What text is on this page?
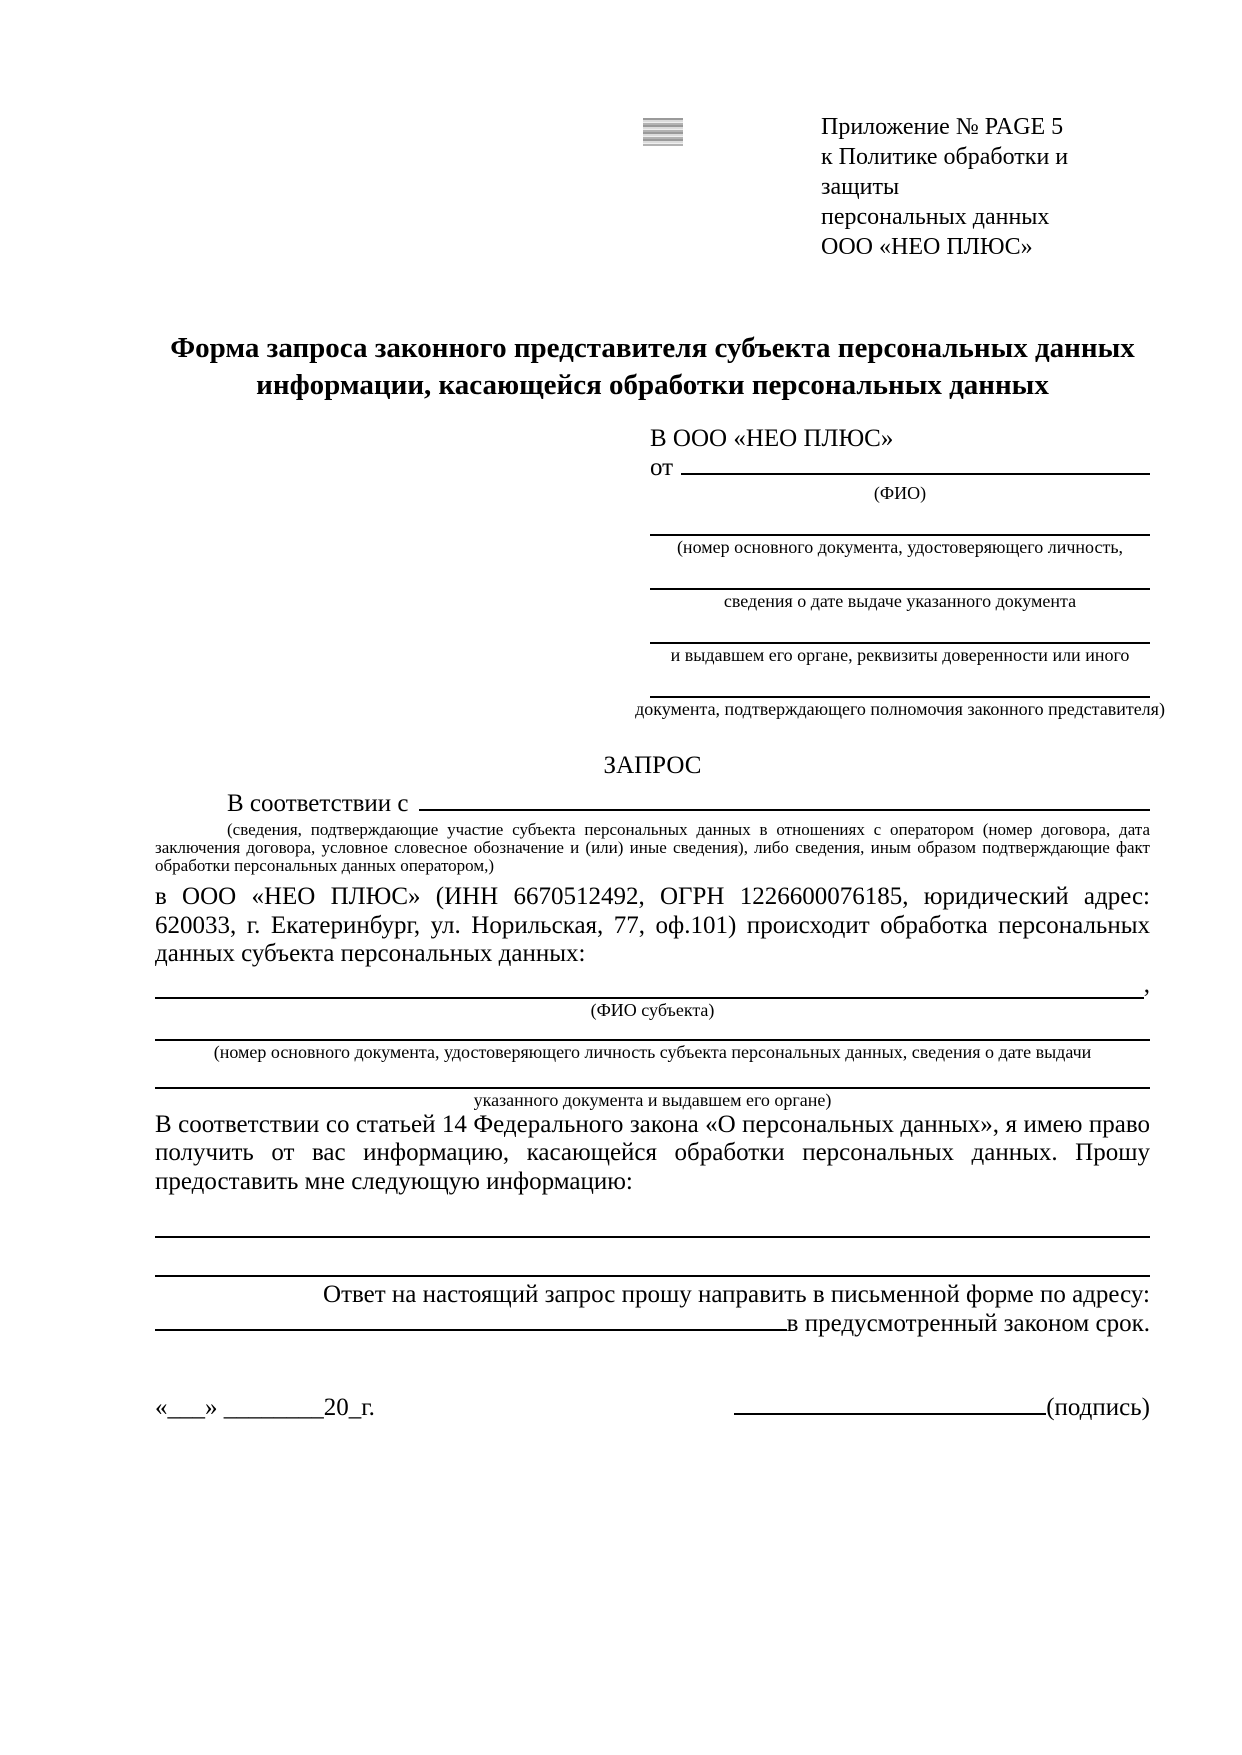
Приложение № PAGE 5
к Политике обработки и защиты
персональных данных
ООО «НЕО ПЛЮС»
Форма запроса законного представителя субъекта персональных данных информации, касающейся обработки персональных данных
В ООО «НЕО ПЛЮС»
от
(ФИО)
(номер основного документа, удостоверяющего личность,
сведения о дате выдаче указанного документа
и выдавшем его органе, реквизиты доверенности или иного
документа, подтверждающего полномочия законного представителя)
ЗАПРОС
В соответствии с

(сведения, подтверждающие участие субъекта персональных данных в отношениях с оператором (номер договора, дата заключения договора, условное словесное обозначение и (или) иные сведения), либо сведения, иным образом подтверждающие факт обработки персональных данных оператором,)

в ООО «НЕО ПЛЮС» (ИНН 6670512492, ОГРН 1226600076185, юридический адрес: 620033, г. Екатеринбург, ул. Норильская, 77, оф.101) происходит обработка персональных данных субъекта персональных данных:

,
(ФИО субъекта)
(номер основного документа, удостоверяющего личность субъекта персональных данных, сведения о дате выдачи
указанного документа и выдавшем его органе)

В соответствии со статьей 14 Федерального закона «О персональных данных», я имею право получить от вас информацию, касающейся обработки персональных данных. Прошу предоставить мне следующую информацию:

Ответ на настоящий запрос прошу направить в письменной форме по адресу:
в предусмотренный законом срок.
«___» ________20_г.	(подпись)
